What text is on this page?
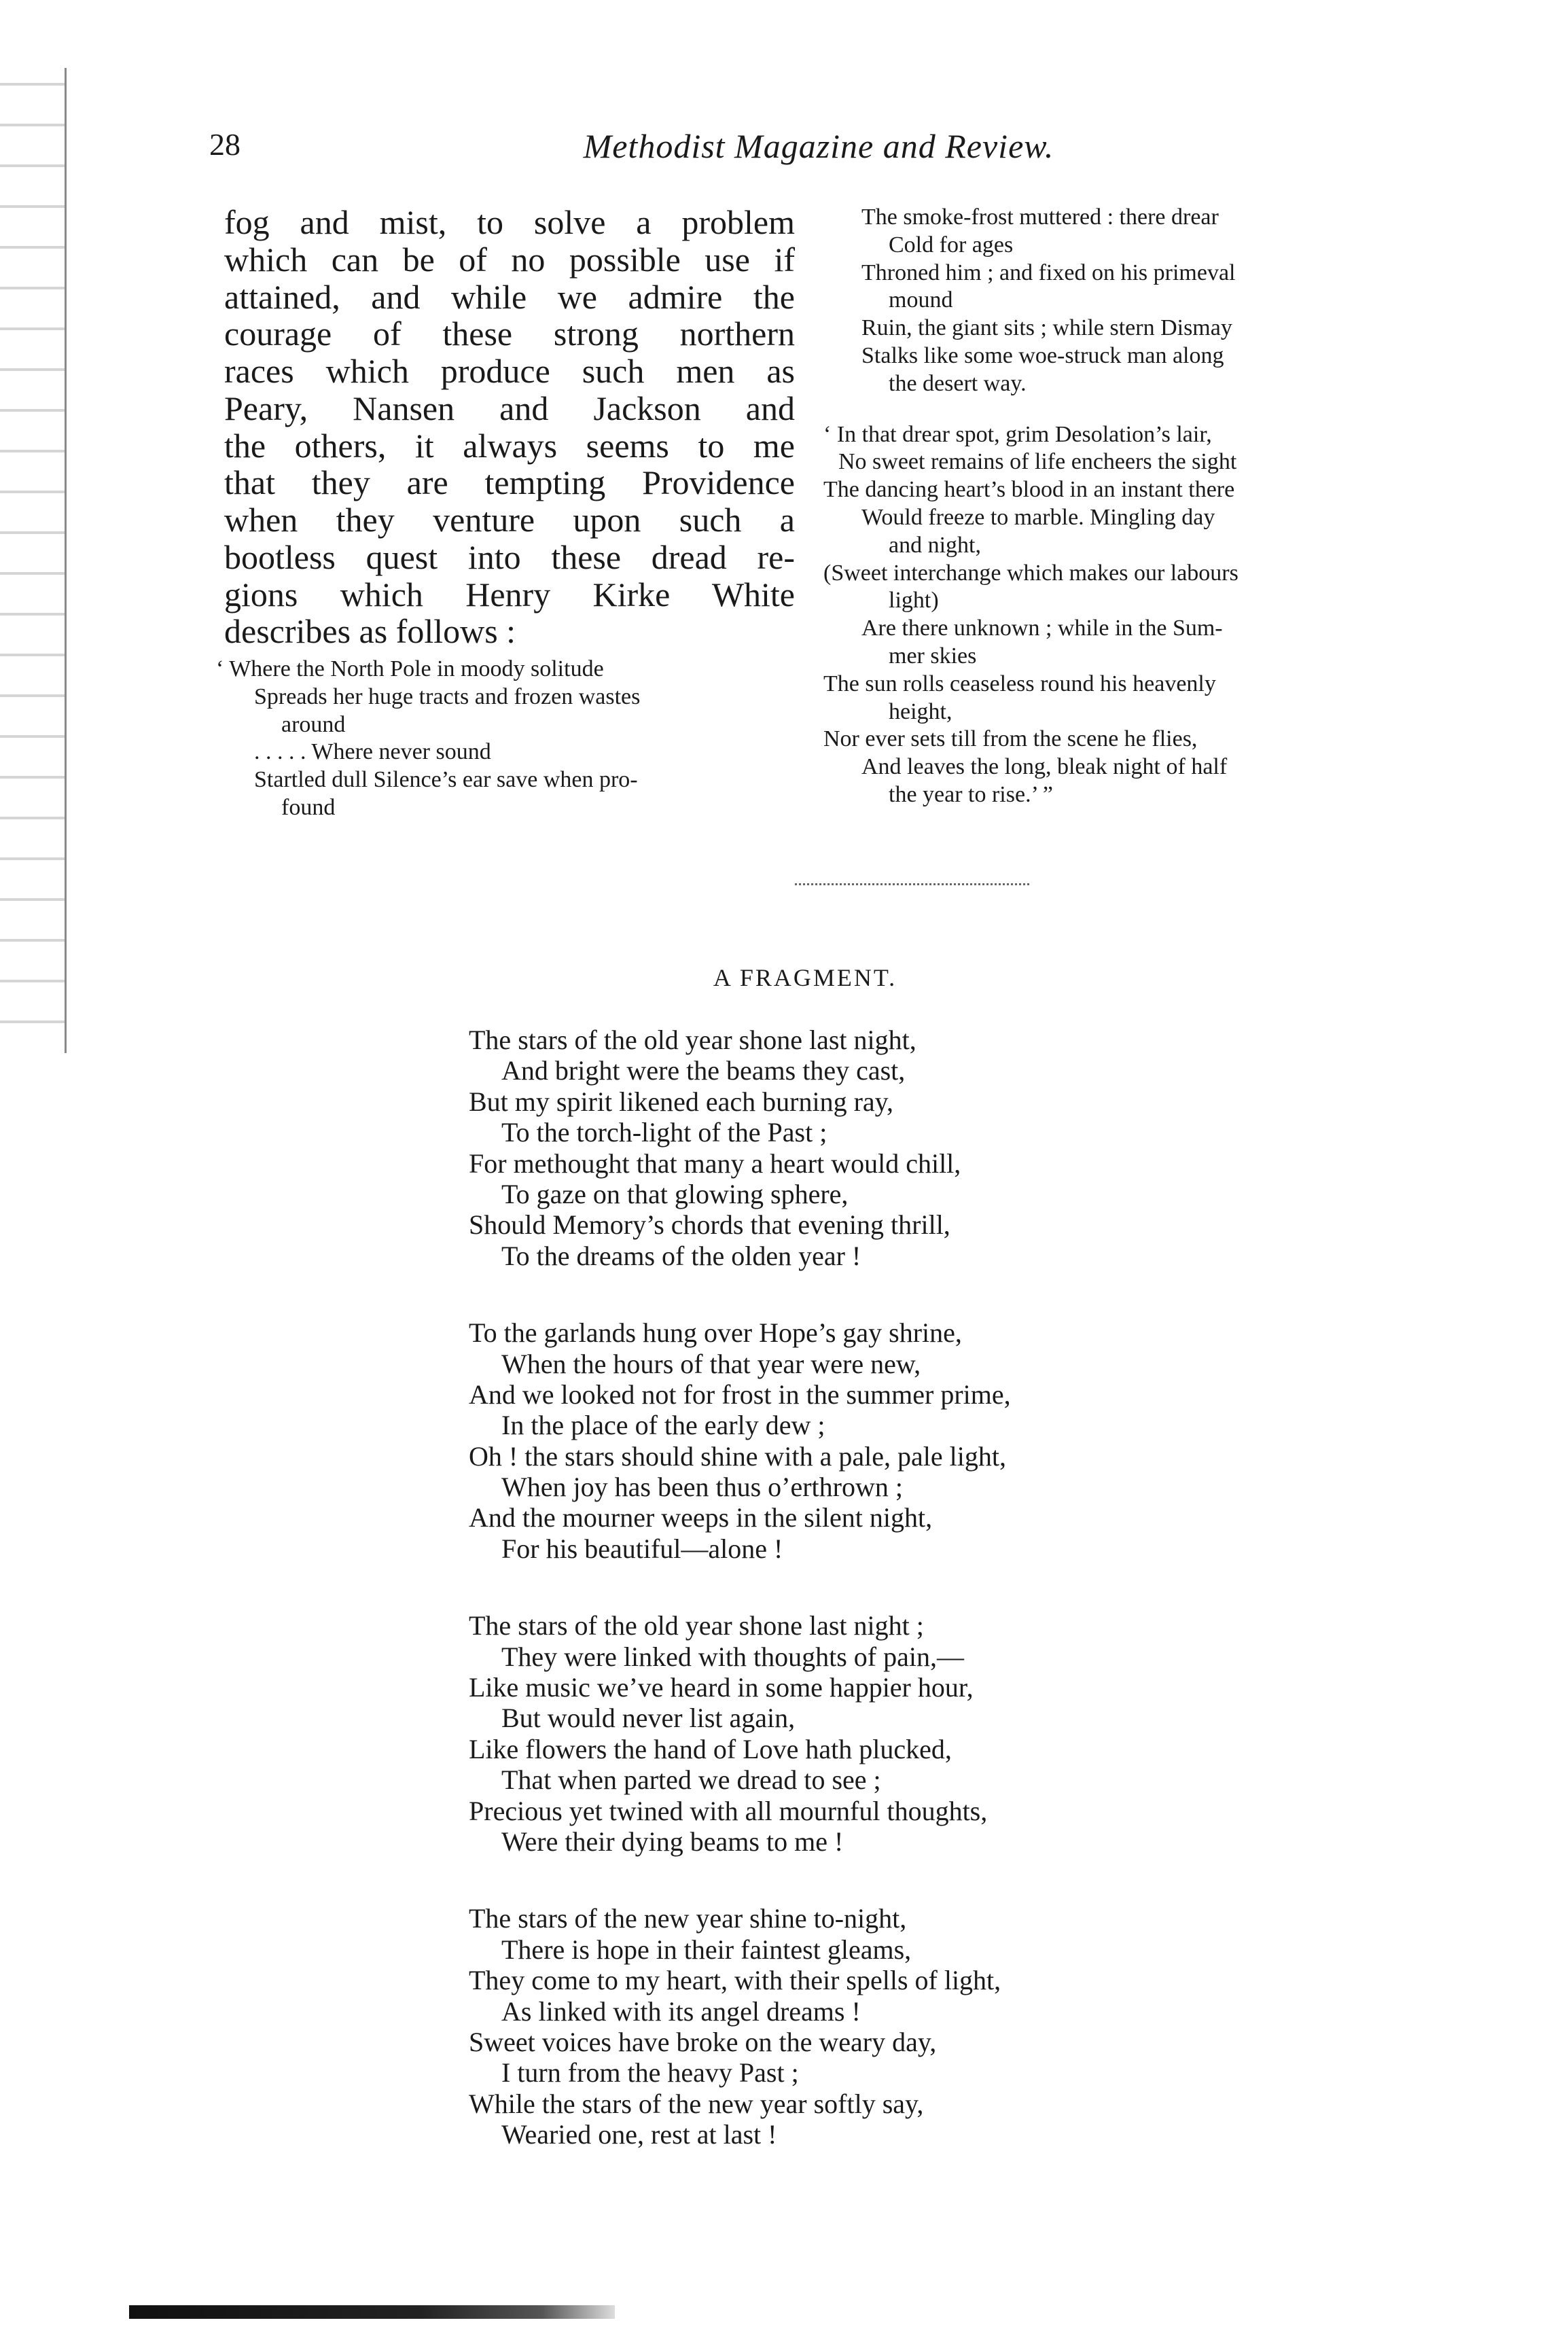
28	Methodist Magazine and Review.
fog and mist, to solve a problem
which can be of no possible use if
attained, and while we admire the
courage of these strong northern
races which produce such men as
Peary, Nansen and Jackson and
the others, it always seems to me
that they are tempting Providence
when they venture upon such a
bootless quest into these dread re-
gions which Henry Kirke White
describes as follows :
‘ Where the North Pole in moody solitude
Spreads her huge tracts and frozen wastes
around
. . . . . Where never sound
Startled dull Silence’s ear save when pro-
found
The smoke-frost muttered : there drear
Cold for ages
Throned him ; and fixed on his primeval
mound
Ruin, the giant sits ; while stern Dismay
Stalks like some woe-struck man along
the desert way.
‘ In that drear spot, grim Desolation’s lair,
No sweet remains of life encheers the sight
The dancing heart’s blood in an instant there
Would freeze to marble. Mingling day
and night,
(Sweet interchange which makes our labours
light)
Are there unknown ; while in the Sum-
mer skies
The sun rolls ceaseless round his heavenly
height,
Nor ever sets till from the scene he flies,
And leaves the long, bleak night of half
the year to rise.’ ”
A FRAGMENT.
The stars of the old year shone last night,
And bright were the beams they cast,
But my spirit likened each burning ray,
To the torch-light of the Past ;
For methought that many a heart would chill,
To gaze on that glowing sphere,
Should Memory’s chords that evening thrill,
To the dreams of the olden year !
To the garlands hung over Hope’s gay shrine,
When the hours of that year were new,
And we looked not for frost in the summer prime,
In the place of the early dew ;
Oh ! the stars should shine with a pale, pale light,
When joy has been thus o’erthrown ;
And the mourner weeps in the silent night,
For his beautiful—alone !
The stars of the old year shone last night ;
They were linked with thoughts of pain,—
Like music we’ve heard in some happier hour,
But would never list again,
Like flowers the hand of Love hath plucked,
That when parted we dread to see ;
Precious yet twined with all mournful thoughts,
Were their dying beams to me !
The stars of the new year shine to-night,
There is hope in their faintest gleams,
They come to my heart, with their spells of light,
As linked with its angel dreams !
Sweet voices have broke on the weary day,
I turn from the heavy Past ;
While the stars of the new year softly say,
Wearied one, rest at last !
